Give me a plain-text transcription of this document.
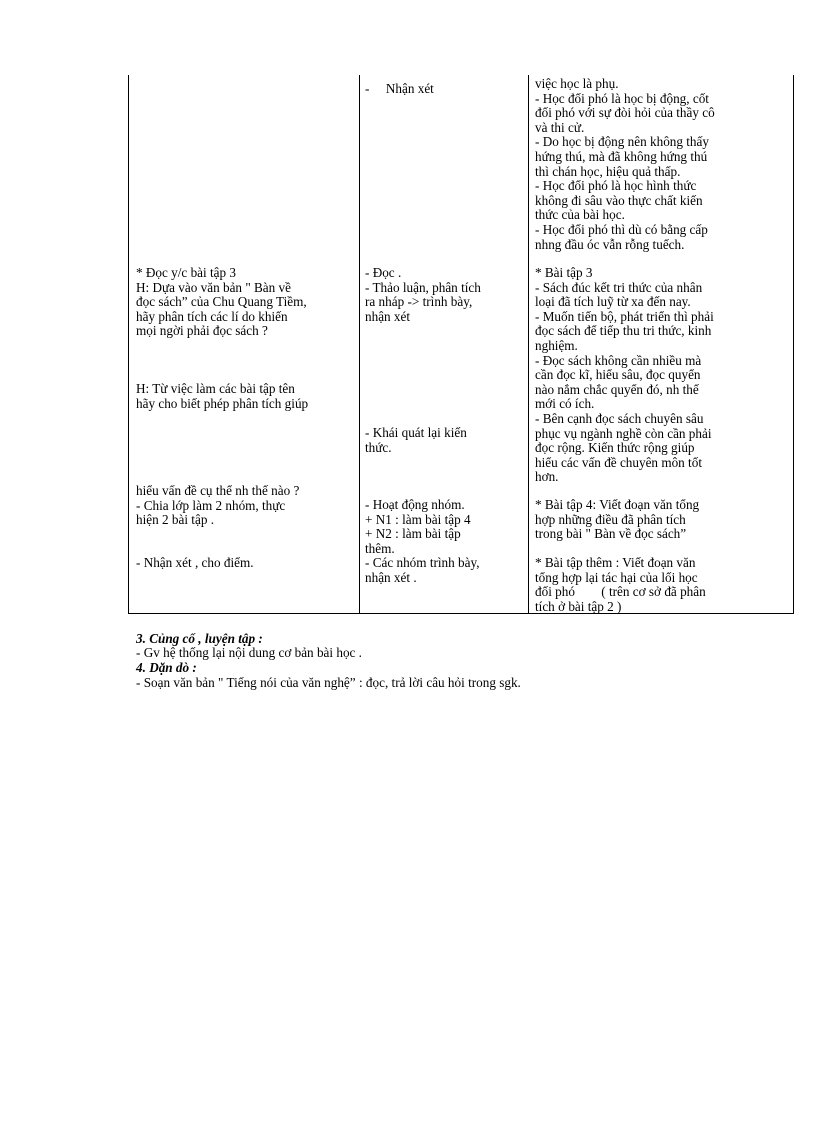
* Đọc y/c bài tập 3
H: Dựa vào văn bản " Bàn về
đọc sách” của Chu Quang Tiềm,
hãy phân tích các lí do khiến
mọi ngời phải đọc sách ?
H: Từ việc làm các bài tập tên
hãy cho biết phép phân tích giúp
hiểu vấn đề cụ thể nh thế nào ?
- Chia lớp làm 2 nhóm, thực
hiện 2 bài tập .
- Nhận xét , cho điểm.
-     Nhận xét
- Đọc .
- Thảo luận, phân tích
ra nháp -> trình bày,
nhận xét
- Khái quát lại kiến
thức.
- Hoạt động nhóm.
+ N1 : làm bài tập 4
+ N2 : làm bài tập
thêm.
- Các nhóm trình bày,
nhận xét .
việc học là phụ.
- Học đối phó là học bị động, cốt
đối phó với sự đòi hỏi của thầy cô
và thi cử.
- Do học bị động nên không thấy
hứng thú, mà đã không hứng thú
thì chán học, hiệu quả thấp.
- Học đối phó là học hình thức
không đi sâu vào thực chất kiến
thức của bài học.
- Học đối phó thì dù có bằng cấp
nhng đầu óc vẫn rỗng tuếch.
* Bài tập 3
- Sách đúc kết tri thức của nhân
loại đã tích luỹ từ xa đến nay.
- Muốn tiến bộ, phát triển thì phải
đọc sách để tiếp thu tri thức, kinh
nghiệm.
- Đọc sách không cần nhiều mà
cần đọc kĩ, hiểu sâu, đọc quyển
nào nắm chắc quyển đó, nh thế
mới có ích.
- Bên cạnh đọc sách chuyên sâu
phục vụ ngành nghề còn cần phải
đọc rộng. Kiến thức rộng giúp
hiểu các vấn đề chuyên môn tốt
hơn.
* Bài tập 4: Viết đoạn văn tổng
hợp những điều đã phân tích
trong bài " Bàn về đọc sách”
* Bài tập thêm : Viết đoạn văn
tổng hợp lại tác hại của lối học
đối phó        ( trên cơ sở đã phân
tích ở bài tập 2 )
3. Củng cố , luyện tập :
- Gv hệ thống lại nội dung cơ bản bài học .
4. Dặn dò :
- Soạn văn bản " Tiếng nói của văn nghệ” : đọc, trả lời câu hỏi trong sgk.
